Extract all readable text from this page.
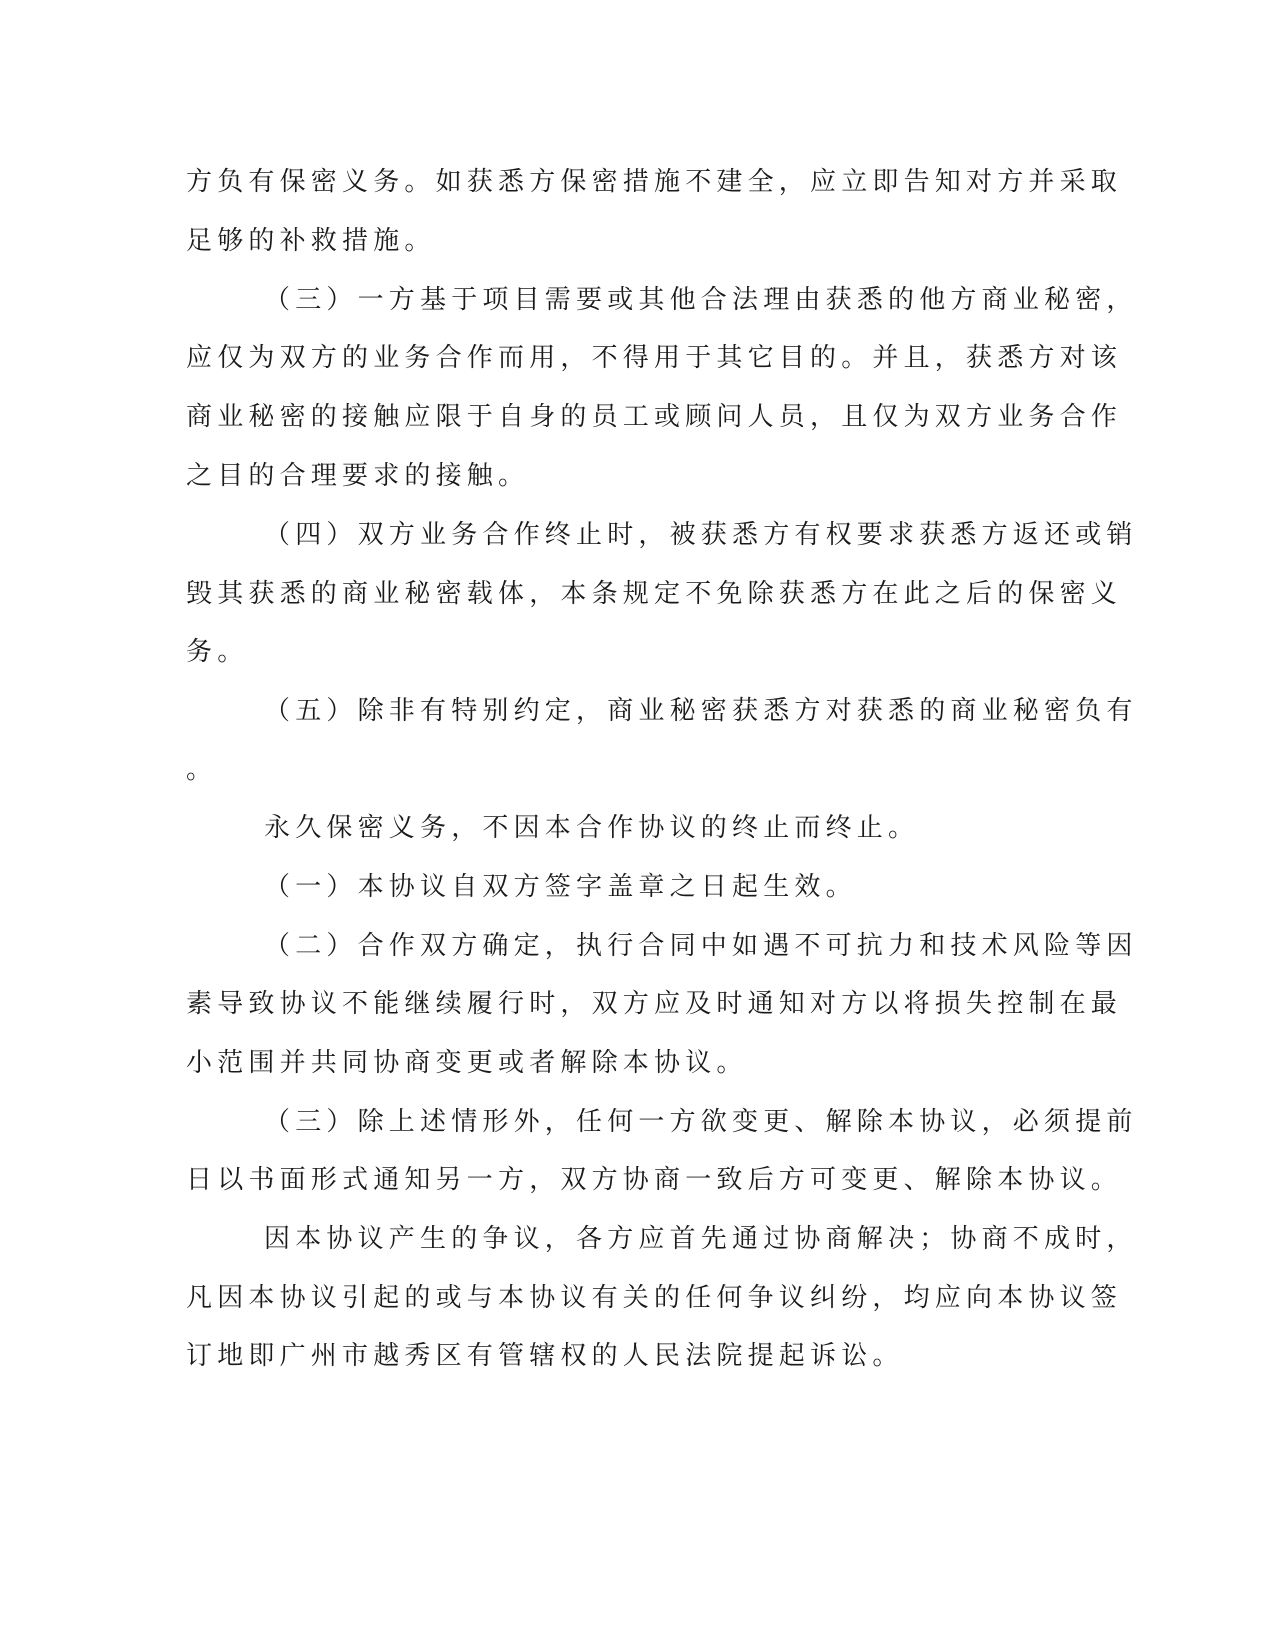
方负有保密义务。如获悉方保密措施不建全，应立即告知对方并采取
足够的补救措施。
（三）一方基于项目需要或其他合法理由获悉的他方商业秘密，
应仅为双方的业务合作而用，不得用于其它目的。并且，获悉方对该
商业秘密的接触应限于自身的员工或顾问人员，且仅为双方业务合作
之目的合理要求的接触。
（四）双方业务合作终止时，被获悉方有权要求获悉方返还或销
毁其获悉的商业秘密载体，本条规定不免除获悉方在此之后的保密义
务。
（五）除非有特别约定，商业秘密获悉方对获悉的商业秘密负有
。
永久保密义务，不因本合作协议的终止而终止。
（一）本协议自双方签字盖章之日起生效。
（二）合作双方确定，执行合同中如遇不可抗力和技术风险等因
素导致协议不能继续履行时，双方应及时通知对方以将损失控制在最
小范围并共同协商变更或者解除本协议。
（三）除上述情形外，任何一方欲变更、解除本协议，必须提前
日以书面形式通知另一方，双方协商一致后方可变更、解除本协议。
因本协议产生的争议，各方应首先通过协商解决；协商不成时，
凡因本协议引起的或与本协议有关的任何争议纠纷，均应向本协议签
订地即广州市越秀区有管辖权的人民法院提起诉讼。
